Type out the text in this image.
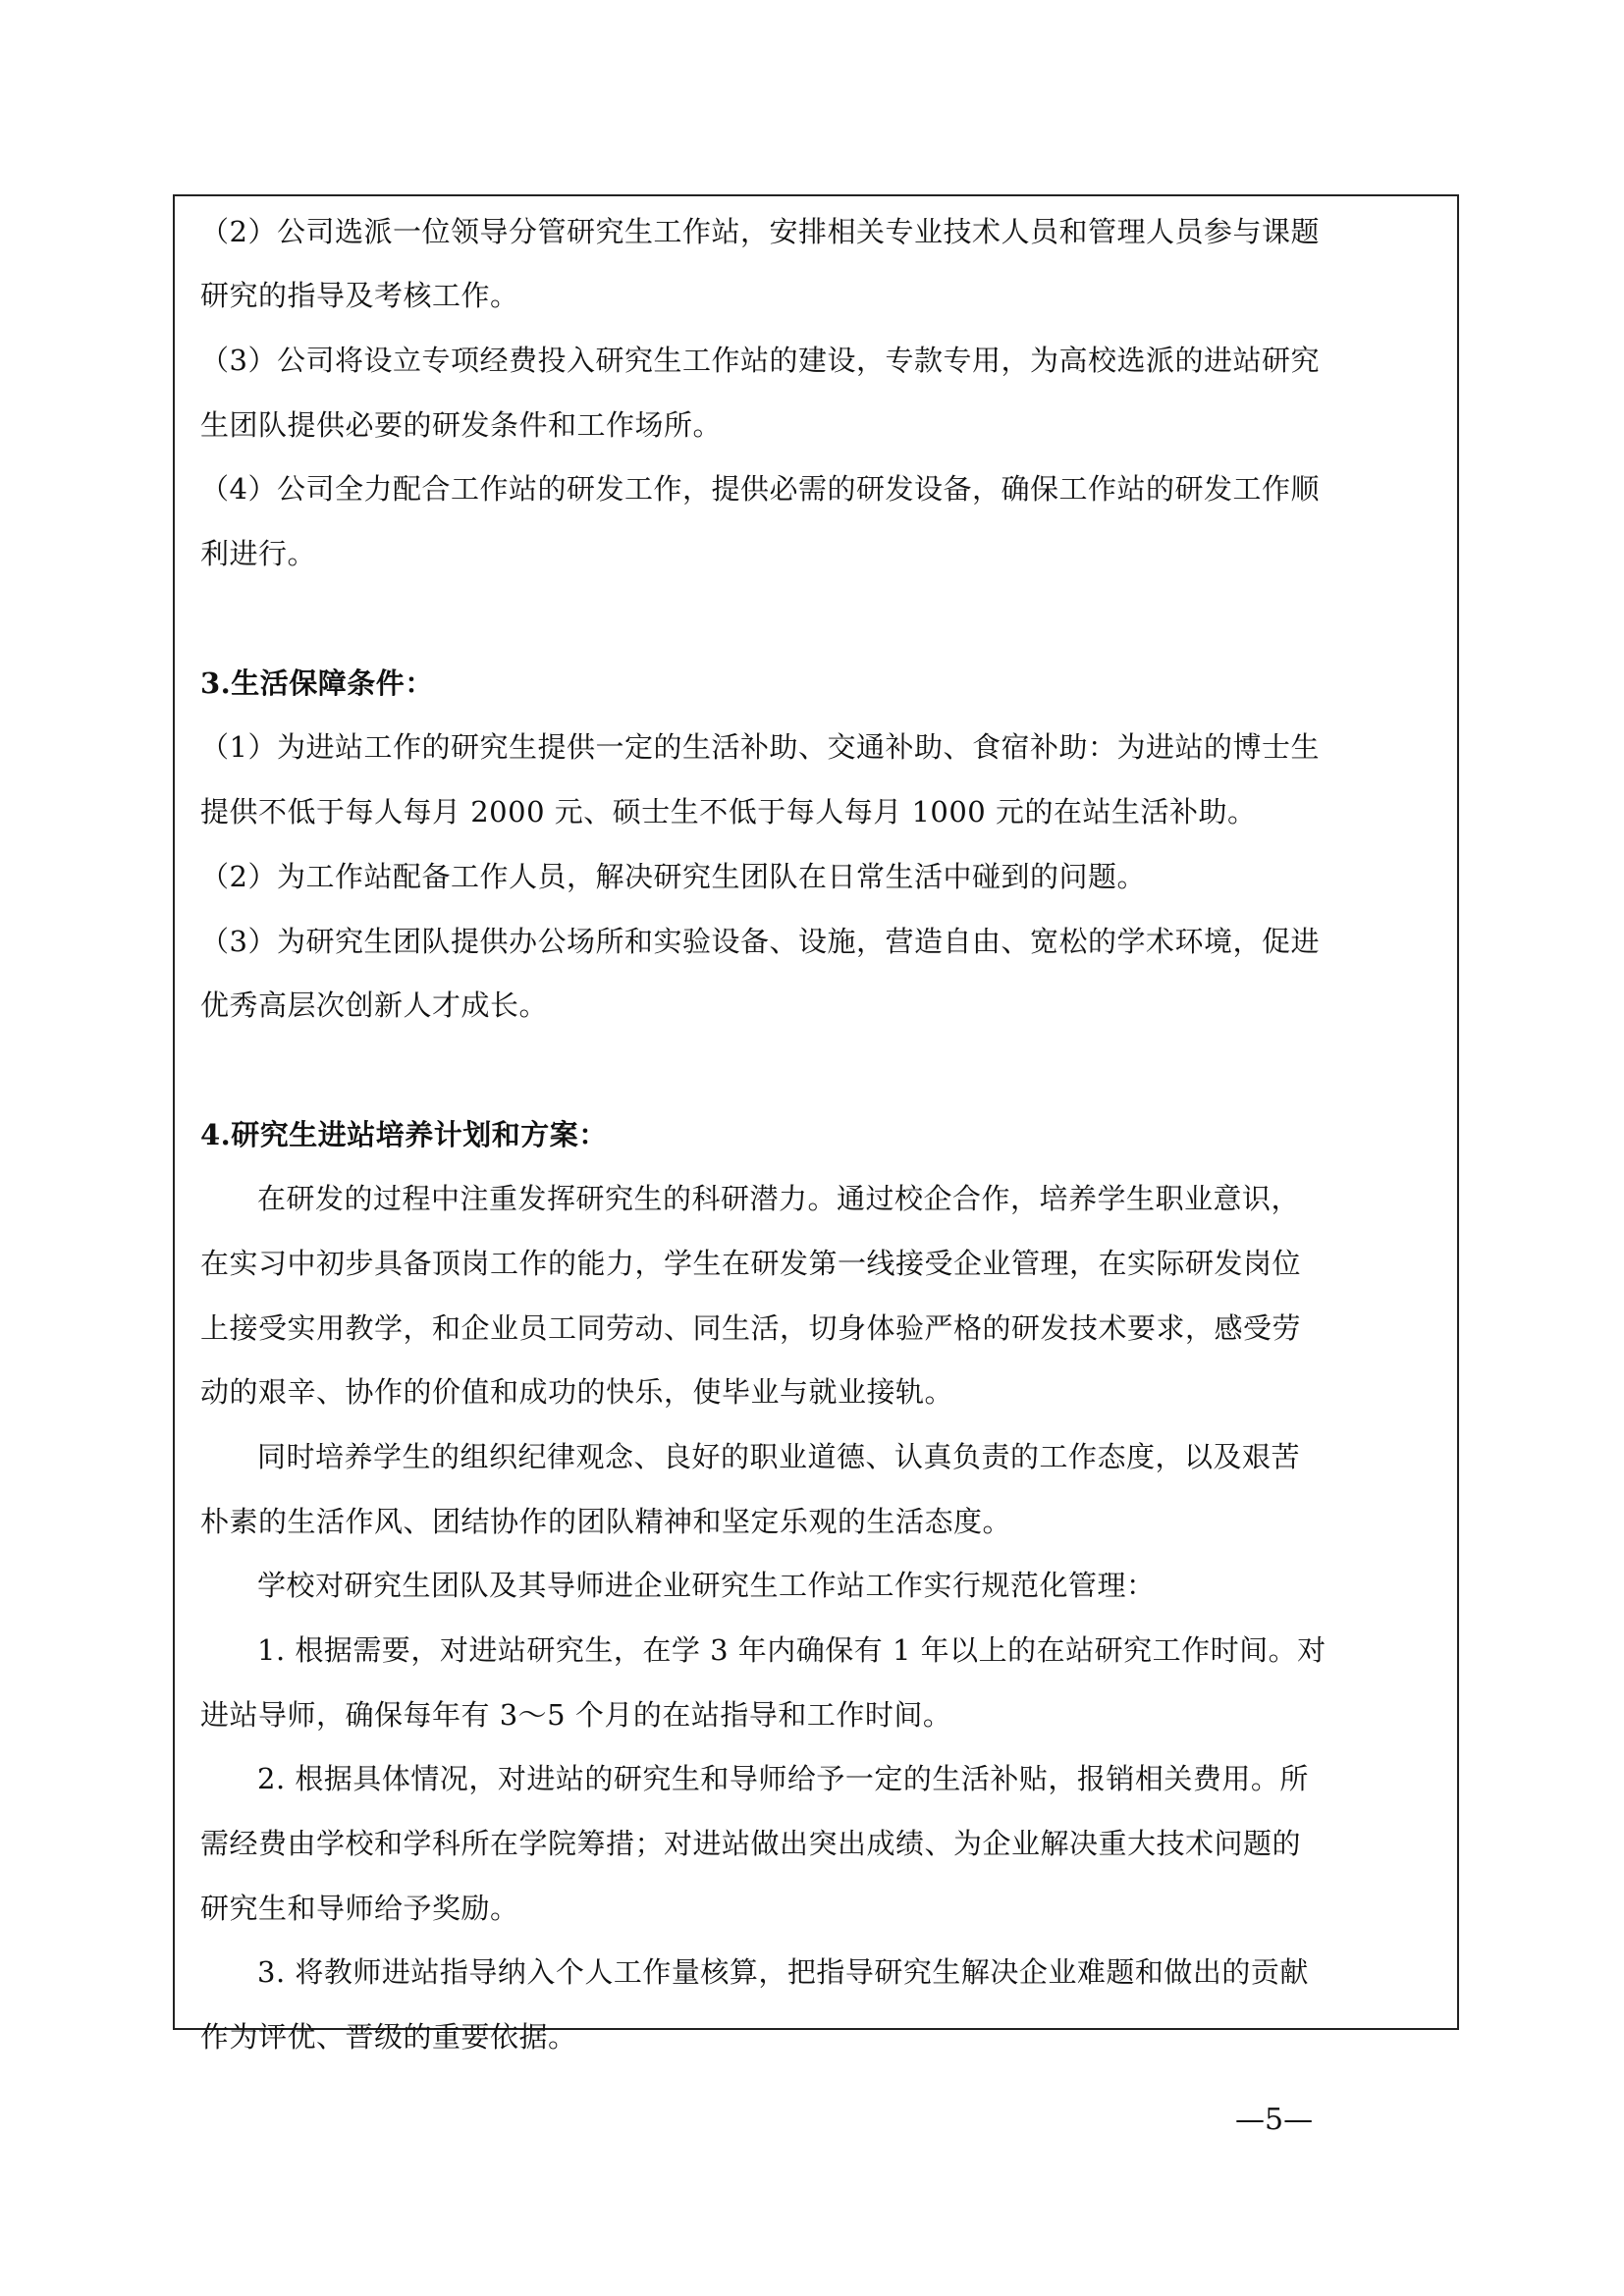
（2）公司选派一位领导分管研究生工作站，安排相关专业技术人员和管理人员参与课题
研究的指导及考核工作。
（3）公司将设立专项经费投入研究生工作站的建设，专款专用，为高校选派的进站研究
生团队提供必要的研发条件和工作场所。
（4）公司全力配合工作站的研发工作，提供必需的研发设备，确保工作站的研发工作顺
利进行。
3.生活保障条件：
（1）为进站工作的研究生提供一定的生活补助、交通补助、食宿补助：为进站的博士生
提供不低于每人每月 2000 元、硕士生不低于每人每月 1000 元的在站生活补助。
（2）为工作站配备工作人员，解决研究生团队在日常生活中碰到的问题。
（3）为研究生团队提供办公场所和实验设备、设施，营造自由、宽松的学术环境，促进
优秀高层次创新人才成长。
4.研究生进站培养计划和方案：
在研发的过程中注重发挥研究生的科研潜力。通过校企合作，培养学生职业意识，
在实习中初步具备顶岗工作的能力，学生在研发第一线接受企业管理，在实际研发岗位
上接受实用教学，和企业员工同劳动、同生活，切身体验严格的研发技术要求，感受劳
动的艰辛、协作的价值和成功的快乐，使毕业与就业接轨。
同时培养学生的组织纪律观念、良好的职业道德、认真负责的工作态度，以及艰苦
朴素的生活作风、团结协作的团队精神和坚定乐观的生活态度。
学校对研究生团队及其导师进企业研究生工作站工作实行规范化管理：
1. 根据需要，对进站研究生，在学 3 年内确保有 1 年以上的在站研究工作时间。对
进站导师，确保每年有 3～5 个月的在站指导和工作时间。
2. 根据具体情况，对进站的研究生和导师给予一定的生活补贴，报销相关费用。所
需经费由学校和学科所在学院筹措；对进站做出突出成绩、为企业解决重大技术问题的
研究生和导师给予奖励。
3. 将教师进站指导纳入个人工作量核算，把指导研究生解决企业难题和做出的贡献
作为评优、晋级的重要依据。
—5—
